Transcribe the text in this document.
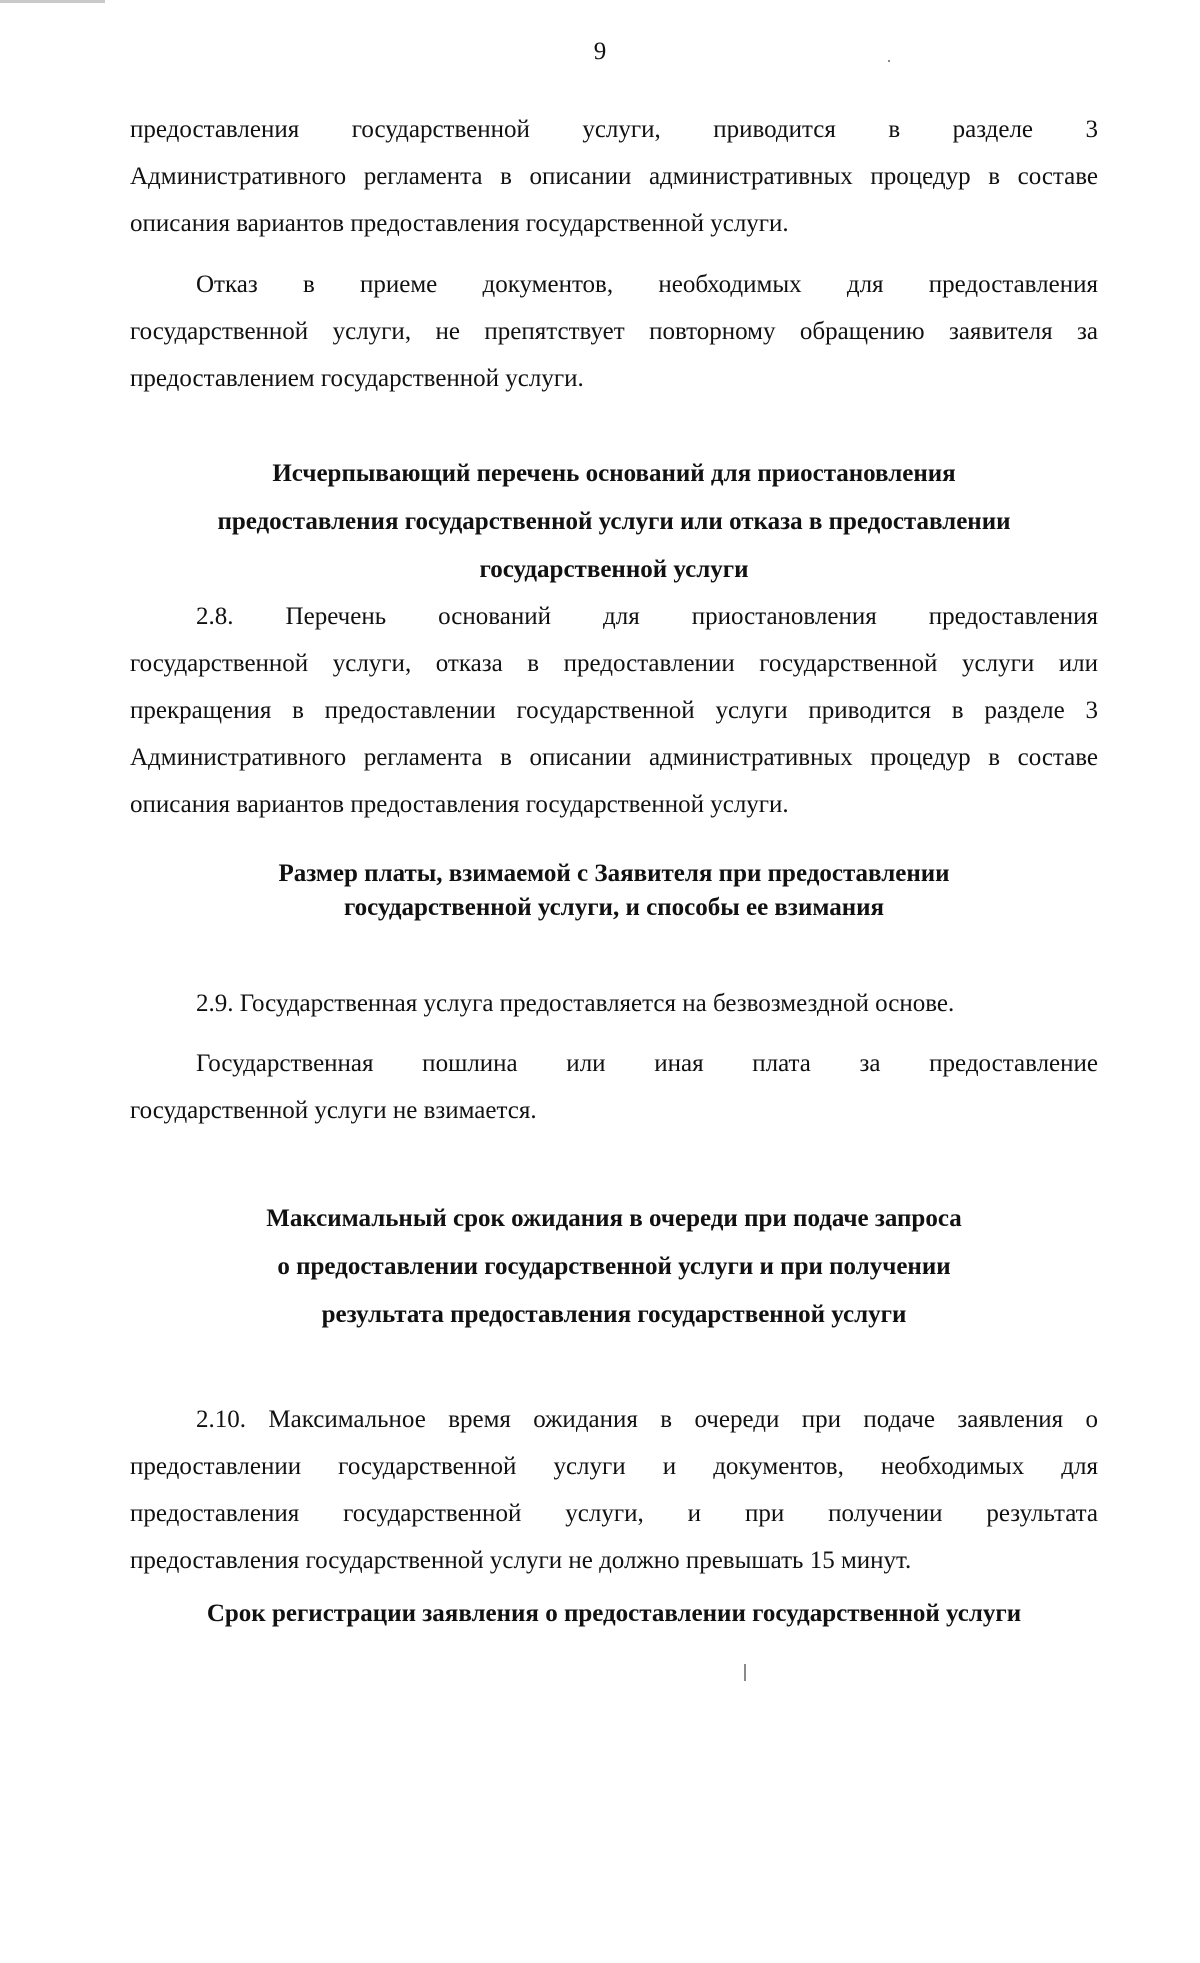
9
предоставления государственной услуги, приводится в разделе 3
Административного регламента в описании административных процедур в составе
описания вариантов предоставления государственной услуги.
Отказ в приеме документов, необходимых для предоставления
государственной услуги, не препятствует повторному обращению заявителя за
предоставлением государственной услуги.
Исчерпывающий перечень оснований для приостановления
предоставления государственной услуги или отказа в предоставлении
государственной услуги
2.8. Перечень оснований для приостановления предоставления
государственной услуги, отказа в предоставлении государственной услуги или
прекращения в предоставлении государственной услуги приводится в разделе 3
Административного регламента в описании административных процедур в составе
описания вариантов предоставления государственной услуги.
Размер платы, взимаемой с Заявителя при предоставлении
государственной услуги, и способы ее взимания
2.9. Государственная услуга предоставляется на безвозмездной основе.
Государственная пошлина или иная плата за предоставление
государственной услуги не взимается.
Максимальный срок ожидания в очереди при подаче запроса
о предоставлении государственной услуги и при получении
результата предоставления государственной услуги
2.10. Максимальное время ожидания в очереди при подаче заявления о
предоставлении государственной услуги и документов, необходимых для
предоставления государственной услуги, и при получении результата
предоставления государственной услуги не должно превышать 15 минут.
Срок регистрации заявления о предоставлении государственной услуги
